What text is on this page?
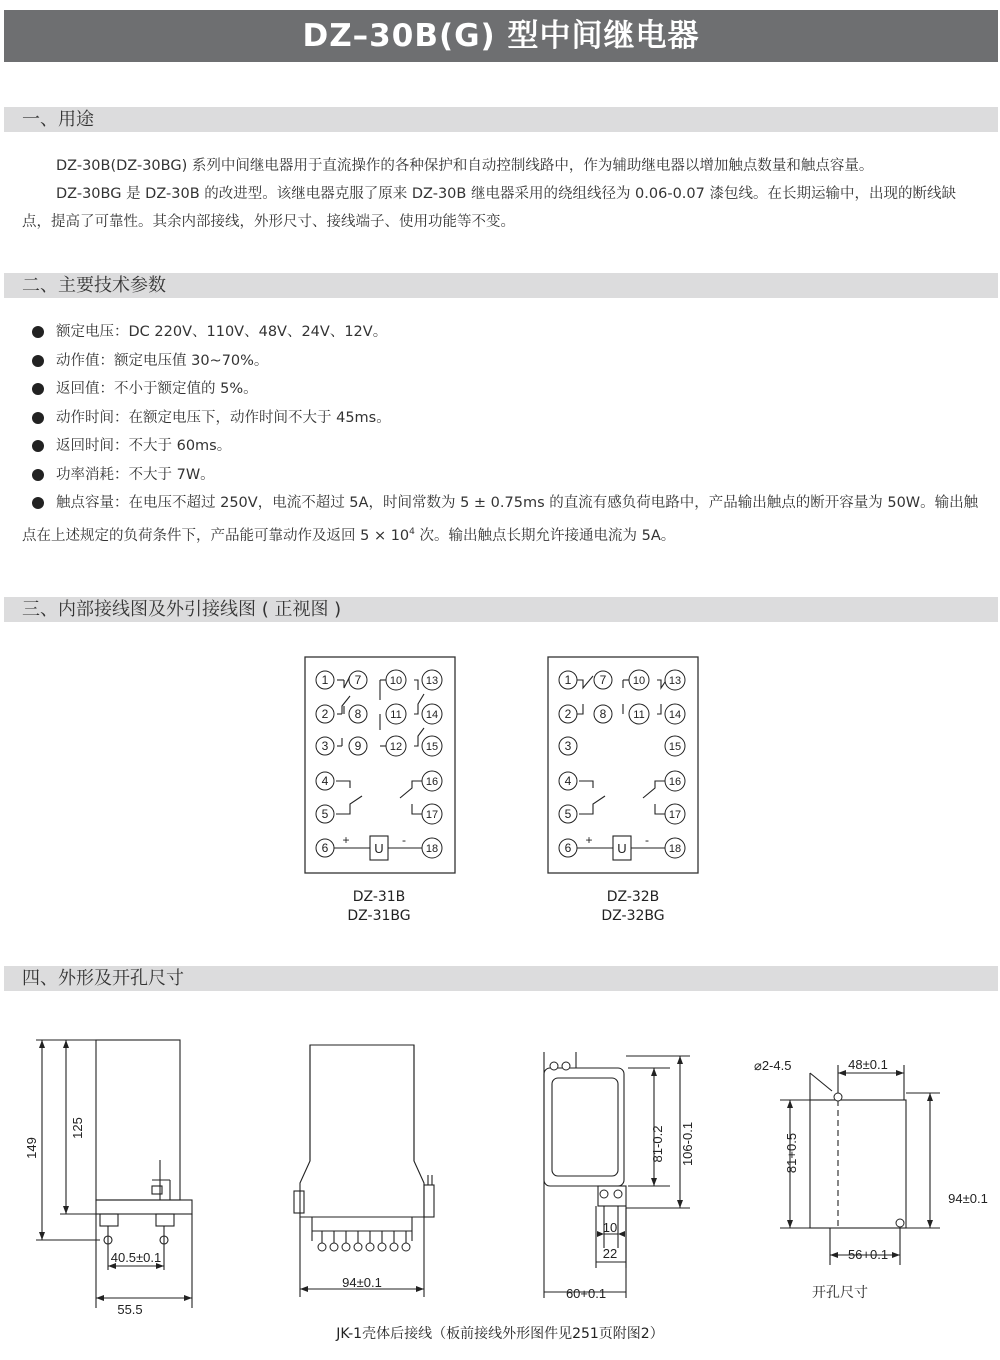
DZ–30B(G) 型中间继电器
一、用途
DZ-30B(DZ-30BG) 系列中间继电器用于直流操作的各种保护和自动控制线路中，作为辅助继电器以增加触点数量和触点容量。
DZ-30BG 是 DZ-30B 的改进型。该继电器克服了原来 DZ-30B 继电器采用的绕组线径为 0.06-0.07 漆包线。在长期运输中，出现的断线缺点，提高了可靠性。其余内部接线，外形尺寸、接线端子、使用功能等不变。
二、主要技术参数
额定电压：DC 220V、110V、48V、24V、12V。
动作值：额定电压值 30~70%。
返回值：不小于额定值的 5%。
动作时间：在额定电压下，动作时间不大于 45ms。
返回时间：不大于 60ms。
功率消耗：不大于 7W。
触点容量：在电压不超过 250V，电流不超过 5A，时间常数为 5 ± 0.75ms 的直流有感负荷电路中，产品输出触点的断开容量为 50W。输出触点在上述规定的负荷条件下，产品能可靠动作及返回 $5 \times 10^4$ 次。输出触点长期允许接通电流为 5A。
三、内部接线图及外引接线图 ( 正视图 )
U
+	-
1
2
3
4
5
6
7
8
9
10
11
12
13
14
15
16
17
18
DZ-31B
DZ-31BG
U
+	-
1
2
3
4
5
6
7
8
10
11
13
14
15
16
17
18
DZ-32B
DZ-32BG
四、外形及开孔尺寸
149
125
40.5±0.1
55.5
94±0.1
81-0.2 106-0.1
10
22
60+0.1
⌀2-4.5	48±0.1
81+0.5
94±0.1
56+0.1
开孔尺寸
JK-1壳体后接线（板前接线外形图件见251页附图2）
